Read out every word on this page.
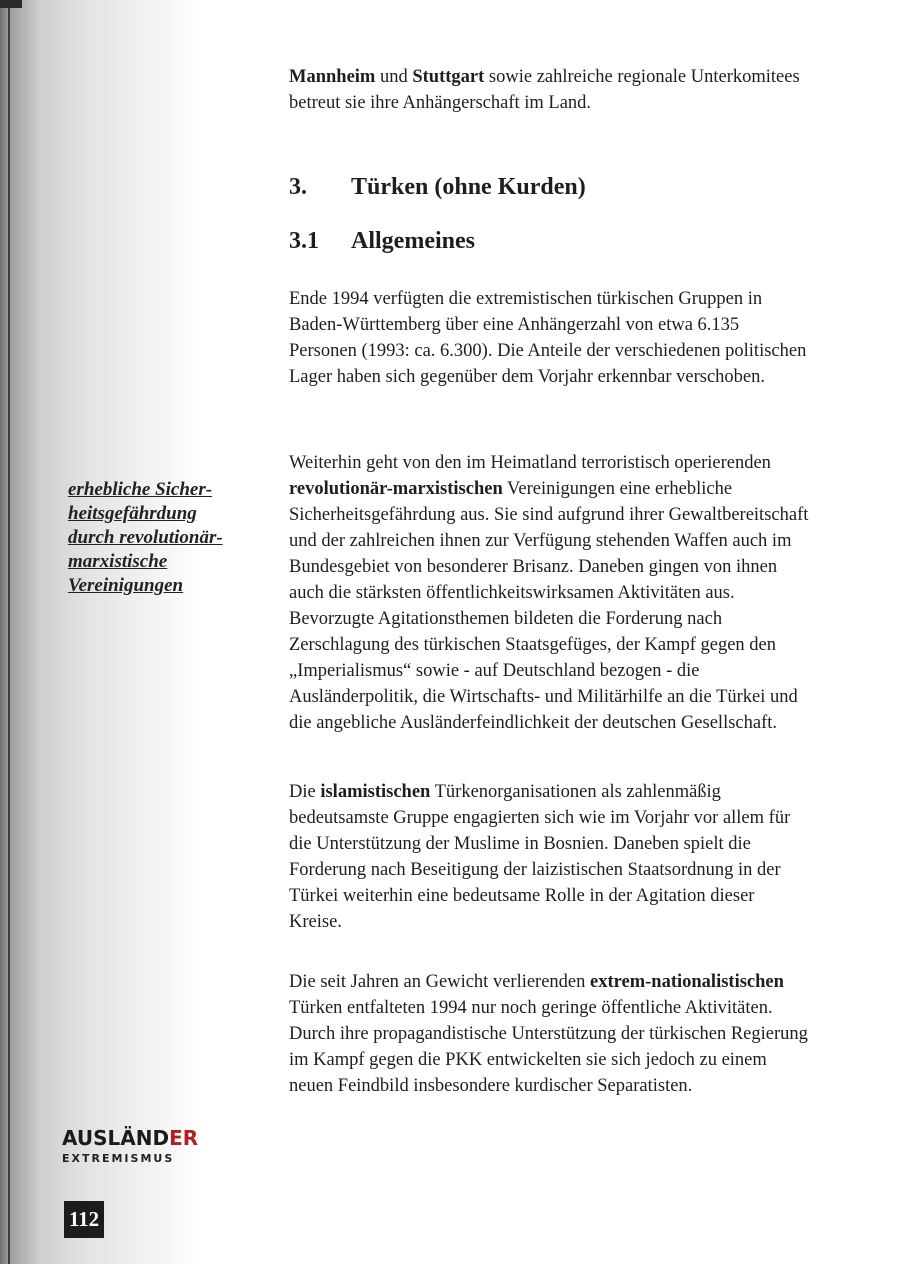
Mannheim und Stuttgart sowie zahlreiche regionale Unterkomitees betreut sie ihre Anhängerschaft im Land.

3.	Türken (ohne Kurden)
3.1	Allgemeines

Ende 1994 verfügten die extremistischen türkischen Gruppen in Baden-Württemberg über eine Anhängerzahl von etwa 6.135 Personen (1993: ca. 6.300). Die Anteile der verschiedenen politischen Lager haben sich gegenüber dem Vorjahr erkennbar verschoben.

Weiterhin geht von den im Heimatland terroristisch operierenden revolutionär-marxistischen Vereinigungen eine erhebliche Sicherheitsgefährdung aus. Sie sind aufgrund ihrer Gewaltbereitschaft und der zahlreichen ihnen zur Verfügung stehenden Waffen auch im Bundesgebiet von besonderer Brisanz. Daneben gingen von ihnen auch die stärksten öffentlichkeitswirksamen Aktivitäten aus. Bevorzugte Agitationsthemen bildeten die Forderung nach Zerschlagung des türkischen Staatsgefüges, der Kampf gegen den „Imperialismus“ sowie - auf Deutschland bezogen - die Ausländerpolitik, die Wirtschafts- und Militärhilfe an die Türkei und die angebliche Ausländerfeindlichkeit der deutschen Gesellschaft.

Die islamistischen Türkenorganisationen als zahlenmäßig bedeutsamste Gruppe engagierten sich wie im Vorjahr vor allem für die Unterstützung der Muslime in Bosnien. Daneben spielt die Forderung nach Beseitigung der laizistischen Staatsordnung in der Türkei weiterhin eine bedeutsame Rolle in der Agitation dieser Kreise.

Die seit Jahren an Gewicht verlierenden extrem-nationalistischen Türken entfalteten 1994 nur noch geringe öffentliche Aktivitäten. Durch ihre propagandistische Unterstützung der türkischen Regierung im Kampf gegen die PKK entwickelten sie sich jedoch zu einem neuen Feindbild insbesondere kurdischer Separatisten.

erhebliche Sicher-
heitsgefährdung
durch revolutionär-
marxistische
Vereinigungen
AUSL ÄND ER
EXTREMISMUS
112
